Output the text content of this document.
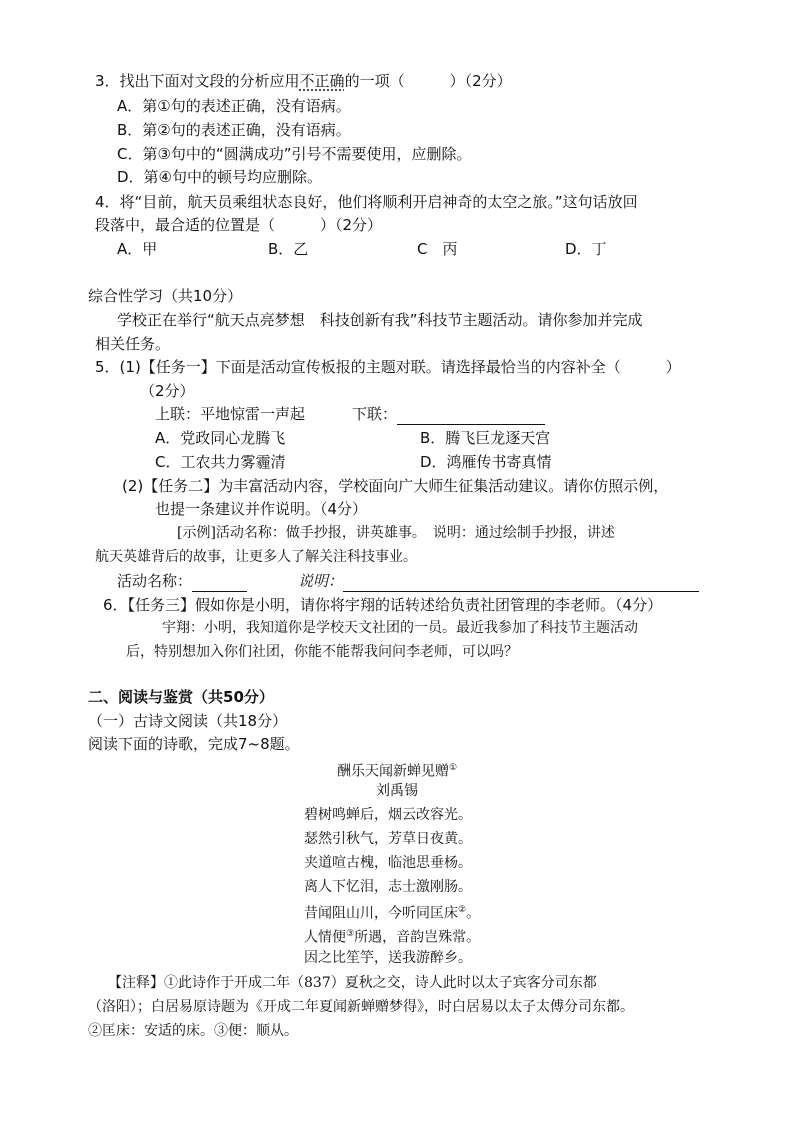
3．找出下面对文段的分析应用不正确的一项（　　　）（2分）
A．第①句的表述正确，没有语病。
B．第②句的表述正确，没有语病。
C．第③句中的“圆满成功”引号不需要使用，应删除。
D．第④句中的顿号均应删除。
4．将“目前，航天员乘组状态良好，他们将顺利开启神奇的太空之旅。”这句话放回
段落中，最合适的位置是（　　　）（2分）
A．甲	B．乙	C　丙	D．丁
综合性学习（共10分）
学校正在举行“航天点亮梦想　科技创新有我”科技节主题活动。请你参加并完成
相关任务。
5．(1)【任务一】下面是活动宣传板报的主题对联。请选择最恰当的内容补全（　　　）
（2分）
上联：平地惊雷一声起	下联：
A．党政同心龙腾飞	B．腾飞巨龙逐天宫
C．工农共力雾霾清	D．鸿雁传书寄真情
(2)【任务二】为丰富活动内容，学校面向广大师生征集活动建议。请你仿照示例，
也提一条建议并作说明。（4分）
[示例]活动名称：做手抄报，讲英雄事。　说明：通过绘制手抄报，讲述
航天英雄背后的故事，让更多人了解关注科技事业。
活动名称：	说明：
6．【任务三】假如你是小明，请你将宇翔的话转述给负责社团管理的李老师。（4分）
宇翔：小明，我知道你是学校天文社团的一员。最近我参加了科技节主题活动
后，特别想加入你们社团，你能不能帮我问问李老师，可以吗？
二、阅读与鉴赏（共50分）
（一）古诗文阅读（共18分）
阅读下面的诗歌，完成7~8题。
酬乐天闻新蝉见赠①
刘禹锡
碧树鸣蝉后，烟云改容光。
瑟然引秋气，芳草日夜黄。
夹道喧古槐，临池思垂杨。
离人下忆泪，志士激刚肠。
昔闻阻山川，今听同匡床②。
人情便③所遇，音韵岂殊常。
因之比笙竽，送我游醉乡。
【注释】①此诗作于开成二年（837）夏秋之交，诗人此时以太子宾客分司东都
（洛阳）；白居易原诗题为《开成二年夏闻新蝉赠梦得》，时白居易以太子太傅分司东都。
②匡床：安适的床。③便：顺从。
